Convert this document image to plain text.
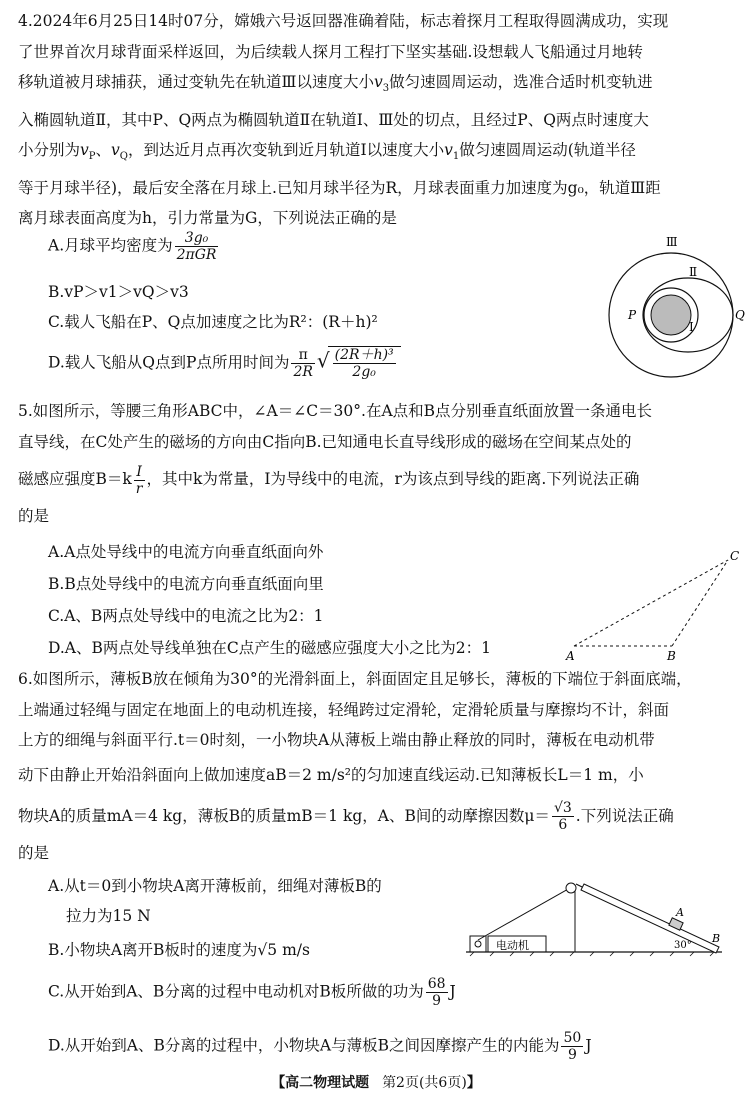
4.2024年6月25日14时07分，嫦娥六号返回器准确着陆，标志着探月工程取得圆满成功，实现
了世界首次月球背面采样返回，为后续载人探月工程打下坚实基础.设想载人飞船通过月地转
移轨道被月球捕获，通过变轨先在轨道Ⅲ以速度大小$v_3$做匀速圆周运动，选准合适时机变轨进
入椭圆轨道Ⅱ，其中P、Q两点为椭圆轨道Ⅱ在轨道Ⅰ、Ⅲ处的切点，且经过P、Q两点时速度大
小分别为$v_P$、$v_Q$，到达近月点再次变轨到近月轨道Ⅰ以速度大小$v_1$做匀速圆周运动(轨道半径
等于月球半径)，最后安全落在月球上.已知月球半径为R，月球表面重力加速度为g₀，轨道Ⅲ距
离月球表面高度为h，引力常量为G，下列说法正确的是
A.月球平均密度为 $\frac{\text{3g₀}}{\text{2πGR}}$
B.vP＞v1＞vQ＞v3
C.载人飞船在P、Q点加速度之比为R²：(R＋h)²
D.载人飞船从Q点到P点所用时间为 $\frac{\pi}{2R}$ √ $\frac{\text{(2R＋h)³}}{\text{2g₀}}$
Ⅲ
Ⅱ
Ⅰ
P	Q
5.如图所示，等腰三角形ABC中，∠A＝∠C＝30°.在A点和B点分别垂直纸面放置一条通电长
直导线，在C处产生的磁场的方向由C指向B.已知通电长直导线形成的磁场在空间某点处的
磁感应强度$B=k \frac{I}{r}$ ，其中k为常量，I为导线中的电流，r为该点到导线的距离.下列说法正确
的是
A.A点处导线中的电流方向垂直纸面向外
B.B点处导线中的电流方向垂直纸面向里
C.A、B两点处导线中的电流之比为2：1
D.A、B两点处导线单独在C点产生的磁感应强度大小之比为2：1	A	B
C
6.如图所示，薄板B放在倾角为30°的光滑斜面上，斜面固定且足够长，薄板的下端位于斜面底端，
上端通过轻绳与固定在地面上的电动机连接，轻绳跨过定滑轮，定滑轮质量与摩擦均不计，斜面
上方的细绳与斜面平行.t＝0时刻，一小物块A从薄板上端由静止释放的同时，薄板在电动机带
动下由静止开始沿斜面向上做加速度aB＝2 m/s²的匀加速直线运动.已知薄板长L＝1 m，小
物块A的质量mA＝4 kg，薄板B的质量mB＝1 kg，A、B间的动摩擦因数$\mu= \frac{√3}{6}$ .下列说法正确
的是
A.从t＝0到小物块A离开薄板前，细绳对薄板B的
拉力为15 N
B.小物块A离开B板时的速度为√5 m/s
C.从开始到A、B分离的过程中电动机对B板所做的功为 $\frac{68}{9}$ J
D.从开始到A、B分离的过程中，小物块A与薄板B之间因摩擦产生的内能为 $\frac{50}{9}$ J
电动机
A
B
30°
【高二物理试题 第2页(共6页)】
